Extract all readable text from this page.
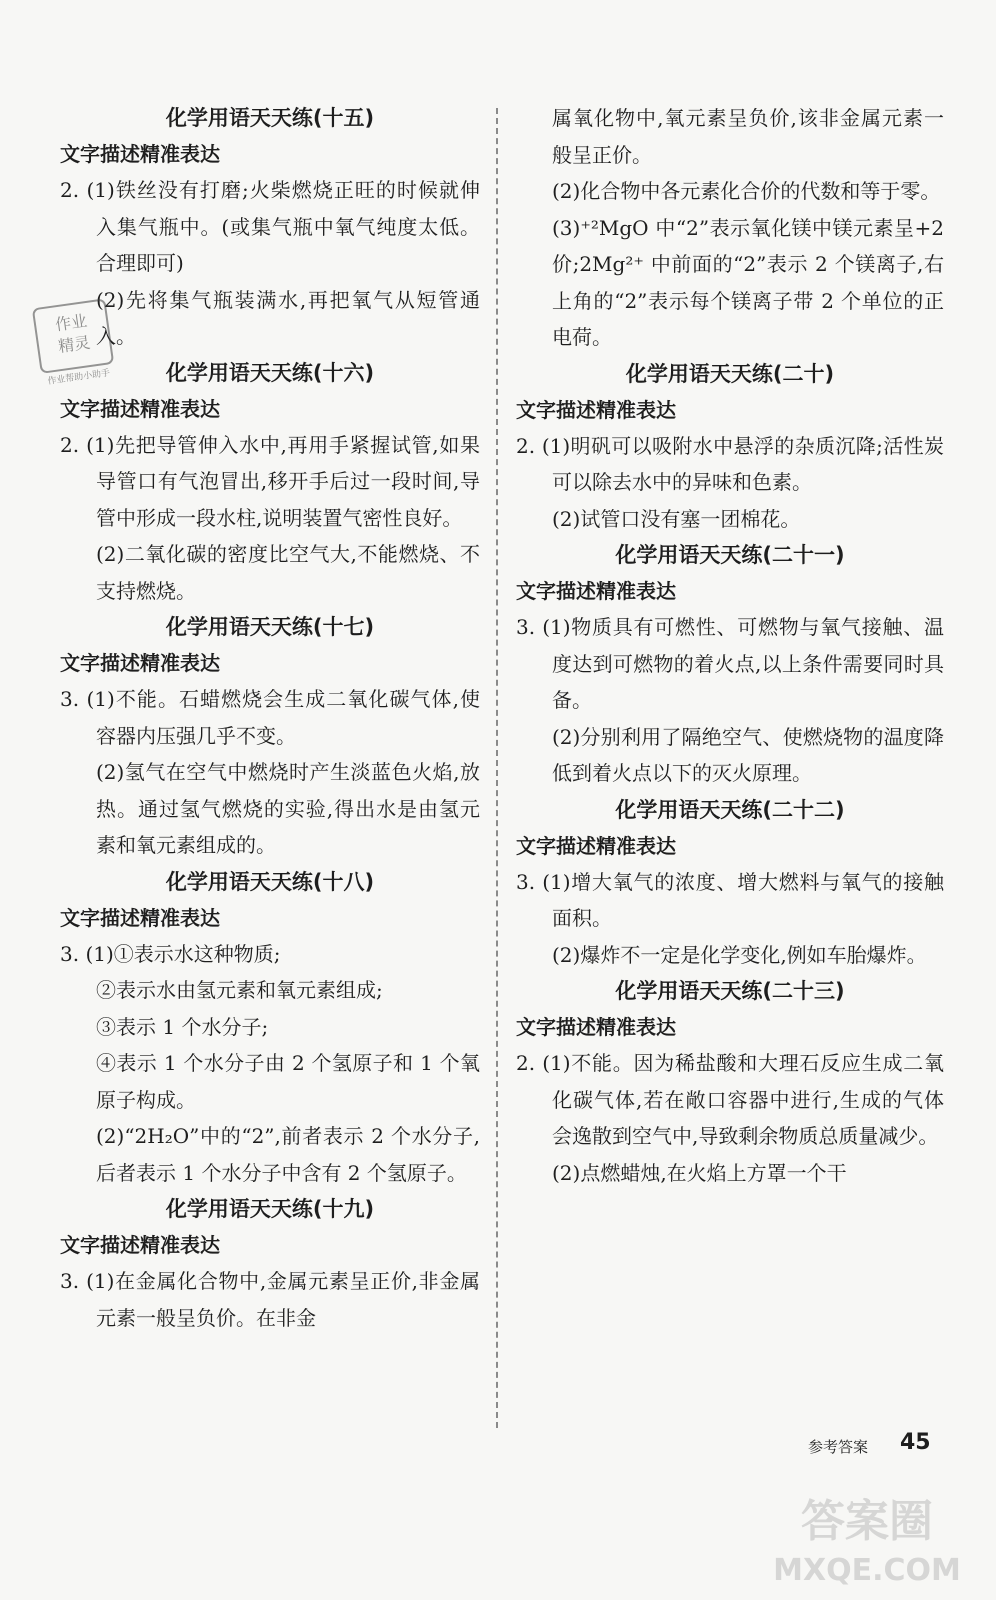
化学用语天天练(十五)

文字描述精准表达

2. (1)铁丝没有打磨;火柴燃烧正旺的时候就伸入集气瓶中。(或集气瓶中氧气纯度太低。合理即可)

(2)先将集气瓶装满水,再把氧气从短管通入。

化学用语天天练(十六)

文字描述精准表达

2. (1)先把导管伸入水中,再用手紧握试管,如果导管口有气泡冒出,移开手后过一段时间,导管中形成一段水柱,说明装置气密性良好。

(2)二氧化碳的密度比空气大,不能燃烧、不支持燃烧。

化学用语天天练(十七)

文字描述精准表达

3. (1)不能。石蜡燃烧会生成二氧化碳气体,使容器内压强几乎不变。

(2)氢气在空气中燃烧时产生淡蓝色火焰,放热。通过氢气燃烧的实验,得出水是由氢元素和氧元素组成的。

化学用语天天练(十八)

文字描述精准表达

3. (1)①表示水这种物质;

②表示水由氢元素和氧元素组成;

③表示 1 个水分子;

④表示 1 个水分子由 2 个氢原子和 1 个氧原子构成。

(2)“2H₂O”中的“2”,前者表示 2 个水分子,后者表示 1 个水分子中含有 2 个氢原子。

化学用语天天练(十九)

文字描述精准表达

3. (1)在金属化合物中,金属元素呈正价,非金属元素一般呈负价。在非金

属氧化物中,氧元素呈负价,该非金属元素一般呈正价。

(2)化合物中各元素化合价的代数和等于零。

(3)⁺²MgO 中“2”表示氧化镁中镁元素呈+2 价;2Mg²⁺ 中前面的“2”表示 2 个镁离子,右上角的“2”表示每个镁离子带 2 个单位的正电荷。

化学用语天天练(二十)

文字描述精准表达

2. (1)明矾可以吸附水中悬浮的杂质沉降;活性炭可以除去水中的异味和色素。

(2)试管口没有塞一团棉花。

化学用语天天练(二十一)

文字描述精准表达

3. (1)物质具有可燃性、可燃物与氧气接触、温度达到可燃物的着火点,以上条件需要同时具备。

(2)分别利用了隔绝空气、使燃烧物的温度降低到着火点以下的灭火原理。

化学用语天天练(二十二)

文字描述精准表达

3. (1)增大氧气的浓度、增大燃料与氧气的接触面积。

(2)爆炸不一定是化学变化,例如车胎爆炸。

化学用语天天练(二十三)

文字描述精准表达

2. (1)不能。因为稀盐酸和大理石反应生成二氧化碳气体,若在敞口容器中进行,生成的气体会逸散到空气中,导致剩余物质总质量减少。

(2)点燃蜡烛,在火焰上方罩一个干

作业
精灵
作业帮助小助手
参考答案 45
答案圈
MXQE.COM
